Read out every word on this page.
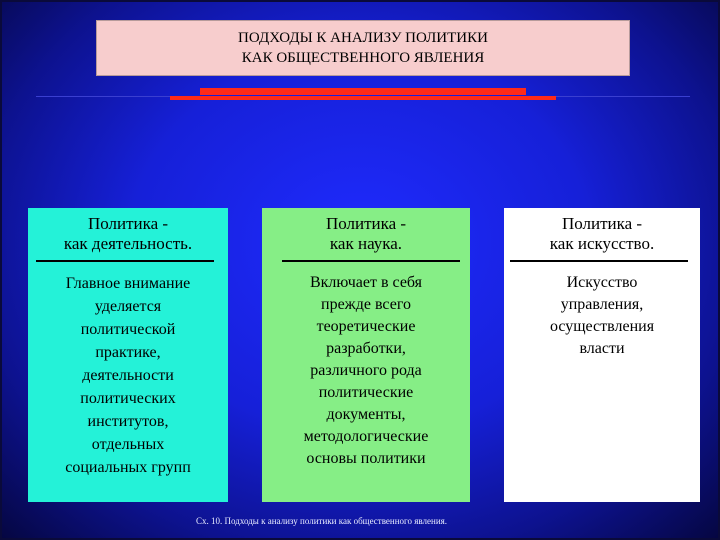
ПОДХОДЫ К АНАЛИЗУ ПОЛИТИКИ
КАК ОБЩЕСТВЕННОГО ЯВЛЕНИЯ
Политика -
как деятельность.
Главное внимание
уделяется
политической
практике,
деятельности
политических
институтов,
отдельных
социальных групп
Политика -
как наука.
Включает в себя
прежде всего
теоретические
разработки,
различного рода
политические
документы,
методологические
основы политики
Политика -
как искусство.
Искусство
управления,
осуществления
власти
Сх. 10. Подходы к анализу политики как общественного явления.
